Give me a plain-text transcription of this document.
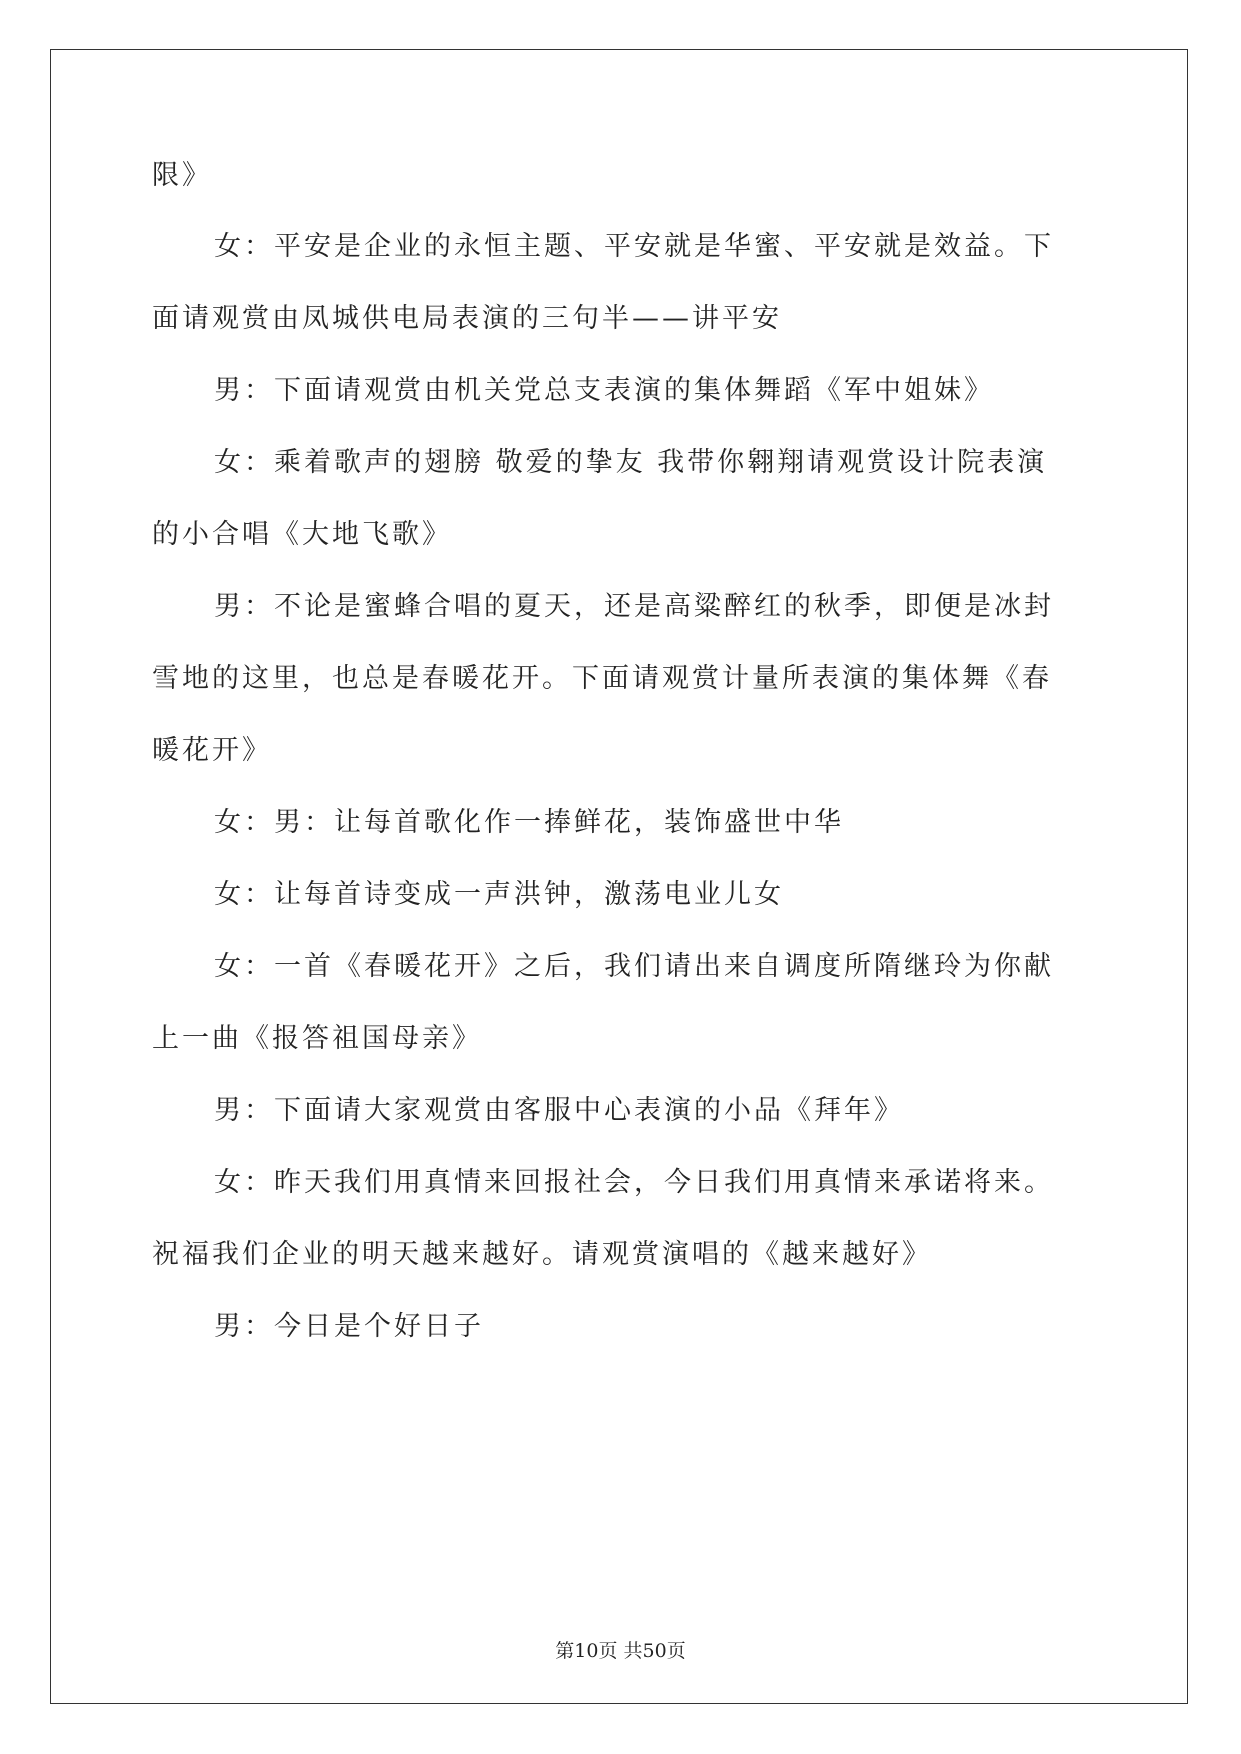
限》
女：平安是企业的永恒主题、平安就是华蜜、平安就是效益。下
面请观赏由凤城供电局表演的三句半——讲平安
男：下面请观赏由机关党总支表演的集体舞蹈《军中姐妹》
女：乘着歌声的翅膀 敬爱的挚友 我带你翱翔请观赏设计院表演
的小合唱《大地飞歌》
男：不论是蜜蜂合唱的夏天，还是高粱醉红的秋季，即便是冰封
雪地的这里，也总是春暖花开。下面请观赏计量所表演的集体舞《春
暖花开》
女：男：让每首歌化作一捧鲜花，装饰盛世中华
女：让每首诗变成一声洪钟，激荡电业儿女
女：一首《春暖花开》之后，我们请出来自调度所隋继玲为你献
上一曲《报答祖国母亲》
男：下面请大家观赏由客服中心表演的小品《拜年》
女：昨天我们用真情来回报社会，今日我们用真情来承诺将来。
祝福我们企业的明天越来越好。请观赏演唱的《越来越好》
男：今日是个好日子
第10页 共50页
